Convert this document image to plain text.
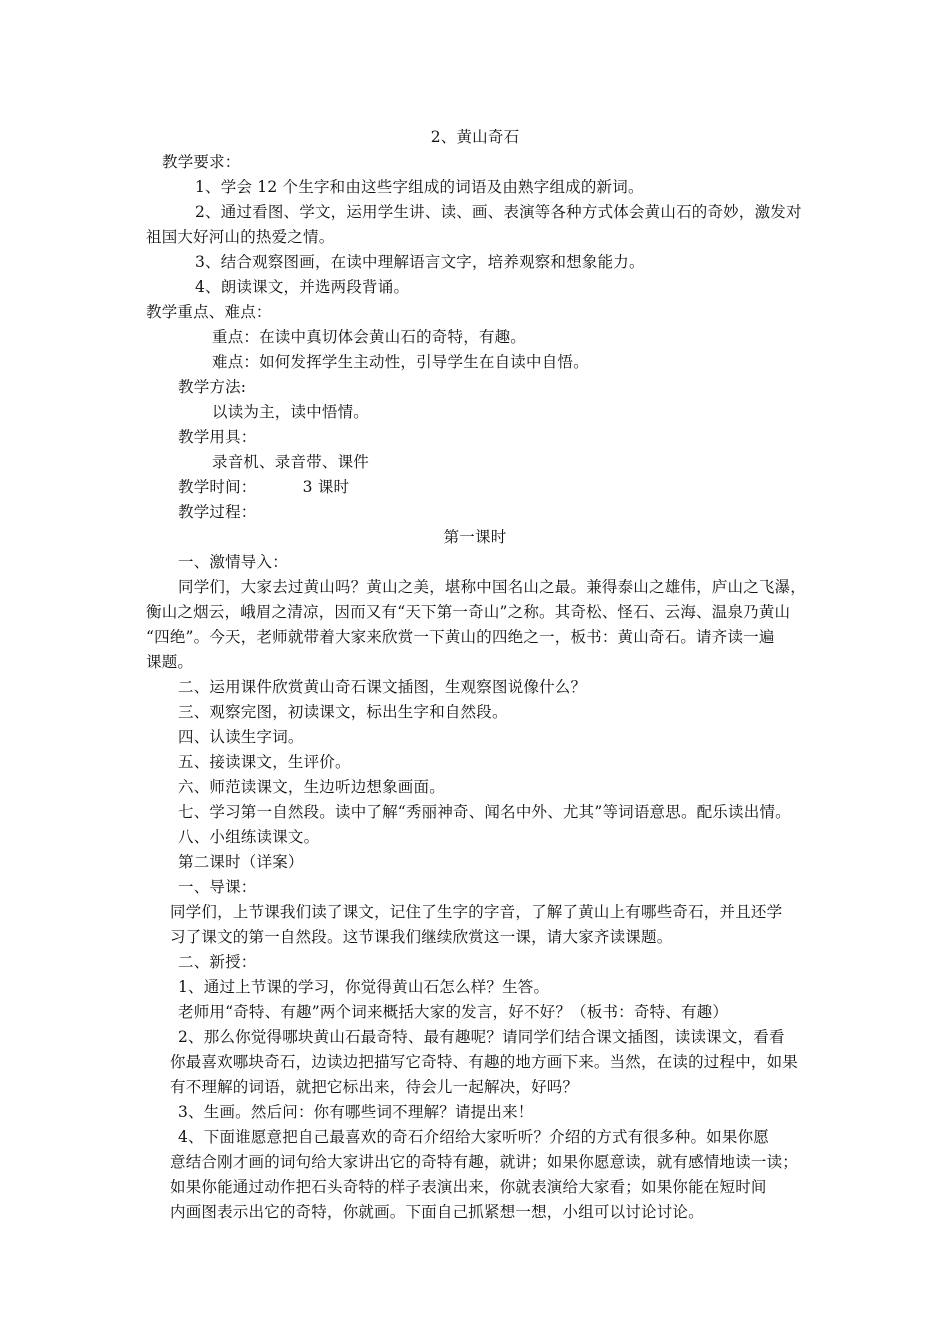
2、黄山奇石
教学要求：
1、学会 12 个生字和由这些字组成的词语及由熟字组成的新词。
2、通过看图、学文，运用学生讲、读、画、表演等各种方式体会黄山石的奇妙，激发对
祖国大好河山的热爱之情。
3、结合观察图画，在读中理解语言文字，培养观察和想象能力。
4、朗读课文，并选两段背诵。
教学重点、难点：
重点：在读中真切体会黄山石的奇特，有趣。
难点：如何发挥学生主动性，引导学生在自读中自悟。
教学方法:
以读为主，读中悟情。
教学用具：
录音机、录音带、课件
教学时间：         3 课时
教学过程：
第一课时
一、激情导入：
同学们，大家去过黄山吗？黄山之美，堪称中国名山之最。兼得泰山之雄伟，庐山之飞瀑，
衡山之烟云，峨眉之清凉，因而又有“天下第一奇山”之称。其奇松、怪石、云海、温泉乃黄山
“四绝”。今天，老师就带着大家来欣赏一下黄山的四绝之一，板书：黄山奇石。请齐读一遍
课题。
二、运用课件欣赏黄山奇石课文插图，生观察图说像什么？
三、观察完图，初读课文，标出生字和自然段。
四、认读生字词。
五、接读课文，生评价。
六、师范读课文，生边听边想象画面。
七、学习第一自然段。读中了解“秀丽神奇、闻名中外、尤其”等词语意思。配乐读出情。
八、小组练读课文。
第二课时（详案）
一、导课：
同学们，上节课我们读了课文，记住了生字的字音，了解了黄山上有哪些奇石，并且还学
习了课文的第一自然段。这节课我们继续欣赏这一课，请大家齐读课题。
二、新授：
1、通过上节课的学习，你觉得黄山石怎么样？生答。
老师用“奇特、有趣”两个词来概括大家的发言，好不好？（板书：奇特、有趣）
2、那么你觉得哪块黄山石最奇特、最有趣呢？请同学们结合课文插图，读读课文，看看
你最喜欢哪块奇石，边读边把描写它奇特、有趣的地方画下来。当然，在读的过程中，如果
有不理解的词语，就把它标出来，待会儿一起解决，好吗？
3、生画。然后问：你有哪些词不理解？请提出来！
4、下面谁愿意把自己最喜欢的奇石介绍给大家听听？介绍的方式有很多种。如果你愿
意结合刚才画的词句给大家讲出它的奇特有趣，就讲；如果你愿意读，就有感情地读一读；
如果你能通过动作把石头奇特的样子表演出来，你就表演给大家看；如果你能在短时间
内画图表示出它的奇特，你就画。下面自己抓紧想一想，小组可以讨论讨论。
